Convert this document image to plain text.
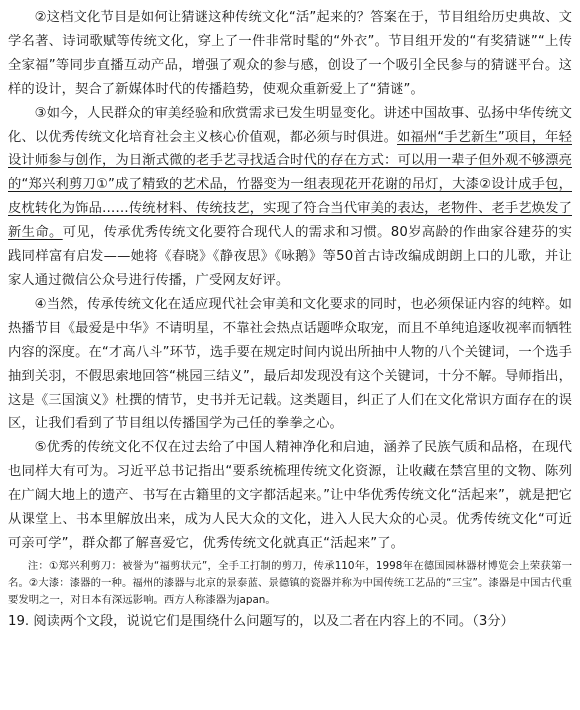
②这档文化节目是如何让猜谜这种传统文化“活”起来的？答案在于，节目组给历史典故、文学名著、诗词歌赋等传统文化，穿上了一件非常时髦的“外衣”。节目组开发的“有奖猜谜”“上传全家福”等同步直播互动产品，增强了观众的参与感，创设了一个吸引全民参与的猜谜平台。这样的设计，契合了新媒体时代的传播趋势，使观众重新爱上了“猜谜”。

③如今，人民群众的审美经验和欣赏需求已发生明显变化。讲述中国故事、弘扬中华传统文化、以优秀传统文化培育社会主义核心价值观，都必须与时俱进。如福州“手艺新生”项目，年轻设计师参与创作，为日渐式微的老手艺寻找适合时代的存在方式：可以用一辈子但外观不够漂亮的“郑兴利剪刀①”成了精致的艺术品，竹器变为一组表现花开花谢的吊灯，大漆②设计成手包，皮枕转化为饰品……传统材料、传统技艺，实现了符合当代审美的表达，老物件、老手艺焕发了新生命。可见，传承优秀传统文化要符合现代人的需求和习惯。80岁高龄的作曲家谷建芬的实践同样富有启发——她将《春晓》《静夜思》《咏鹅》等50首古诗改编成朗朗上口的儿歌，并让家人通过微信公众号进行传播，广受网友好评。

④当然，传承传统文化在适应现代社会审美和文化要求的同时，也必须保证内容的纯粹。如热播节目《最爱是中华》不请明星，不靠社会热点话题哗众取宠，而且不单纯追逐收视率而牺牲内容的深度。在“才高八斗”环节，选手要在规定时间内说出所抽中人物的八个关键词，一个选手抽到关羽，不假思索地回答“桃园三结义”，最后却发现没有这个关键词，十分不解。导师指出，这是《三国演义》杜撰的情节，史书并无记载。这类题目，纠正了人们在文化常识方面存在的误区，让我们看到了节目组以传播国学为己任的拳拳之心。

⑤优秀的传统文化不仅在过去给了中国人精神净化和启迪，涵养了民族气质和品格，在现代也同样大有可为。习近平总书记指出“要系统梳理传统文化资源，让收藏在禁宫里的文物、陈列在广阔大地上的遗产、书写在古籍里的文字都活起来。”让中华优秀传统文化“活起来”，就是把它从课堂上、书本里解放出来，成为人民大众的文化，进入人民大众的心灵。优秀传统文化“可近可亲可学”，群众都了解喜爱它，优秀传统文化就真正“活起来”了。

注：①郑兴利剪刀：被誉为“福剪状元”，全手工打制的剪刀，传承110年，1998年在德国园林器材博览会上荣获第一名。②大漆：漆器的一种。福州的漆器与北京的景泰蓝、景德镇的瓷器并称为中国传统工艺品的“三宝”。漆器是中国古代重要发明之一，对日本有深远影响。西方人称漆器为japan。

19. 阅读两个文段，说说它们是围绕什么问题写的，以及二者在内容上的不同。（3分）
